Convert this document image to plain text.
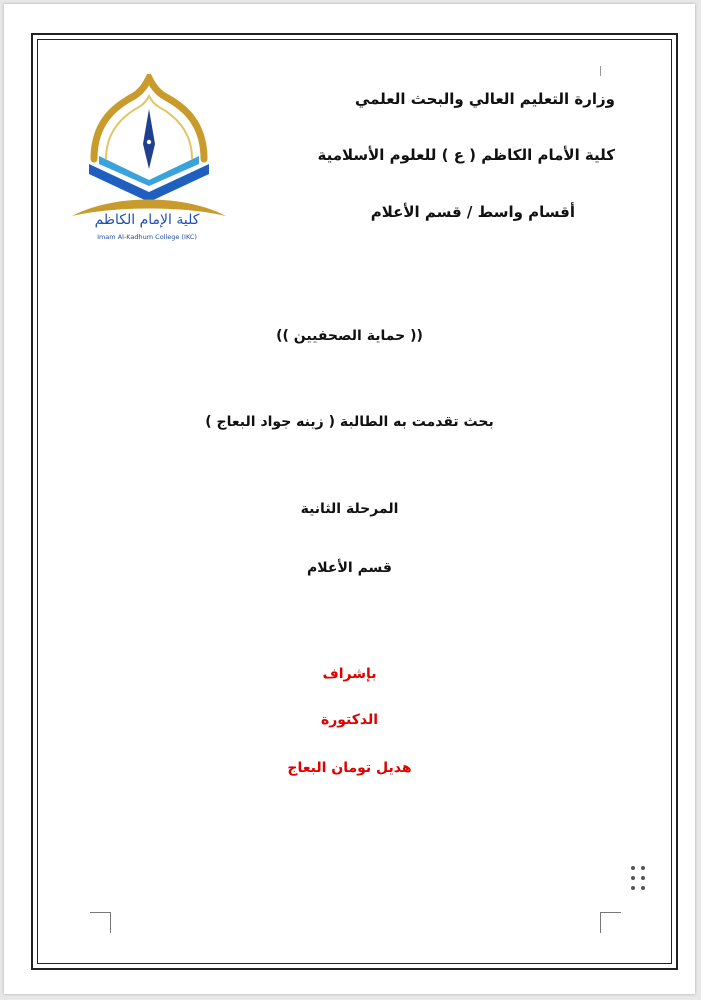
كلية الإمام الكاظم
Imam Al-Kadhum College (IKC)
وزارة التعليم العالي والبحث العلمي
كلية الأمام الكاظم ( ع ) للعلوم الأسلامية
أقسام واسط / قسم الأعلام
(( حماية الصحفيين ))
بحث تقدمت به الطالبة ( زينه جواد البعاج )
المرحلة الثانية
قسم الأعلام
بإشراف
الدكتورة
هديل تومان البعاج
